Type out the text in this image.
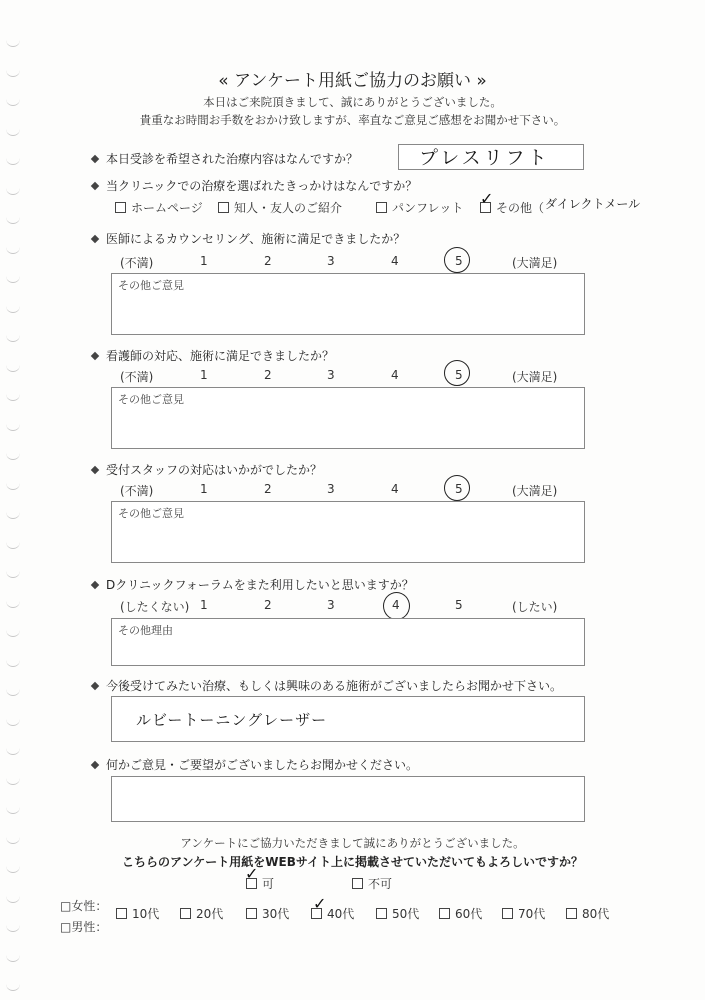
« アンケート用紙ご協力のお願い »
本日はご来院頂きまして、誠にありがとうございました。
貴重なお時間お手数をおかけ致しますが、率直なご意見ご感想をお聞かせ下さい。
本日受診を希望された治療内容はなんですか？	プレスリフト
当クリニックでの治療を選ばれたきっかけはなんですか？
ホームページ	知人・友人のご紹介	パンフレット	その他（
✓	ダイレクトメール
医師によるカウンセリング、施術に満足できましたか？
(不満)	1	2	3	4	5	(大満足)
その他ご意見
看護師の対応、施術に満足できましたか？
(不満)	1	2	3	4	5	(大満足)
その他ご意見
受付スタッフの対応はいかがでしたか？
(不満)	1	2	3	4	5	(大満足)
その他ご意見
Dクリニックフォーラムをまた利用したいと思いますか？
(したくない) 1	2	3	4	5	(したい)
その他理由
今後受けてみたい治療、もしくは興味のある施術がございましたらお聞かせ下さい。
ルビートーニングレーザー
何かご意見・ご要望がございましたらお聞かせください。
アンケートにご協力いただきまして誠にありがとうございました。
こちらのアンケート用紙をWEBサイト上に掲載させていただいてもよろしいですか？
可
✓
不可
□女性：
□男性：
10代	20代	30代	40代
✓
50代	60代	70代	80代
